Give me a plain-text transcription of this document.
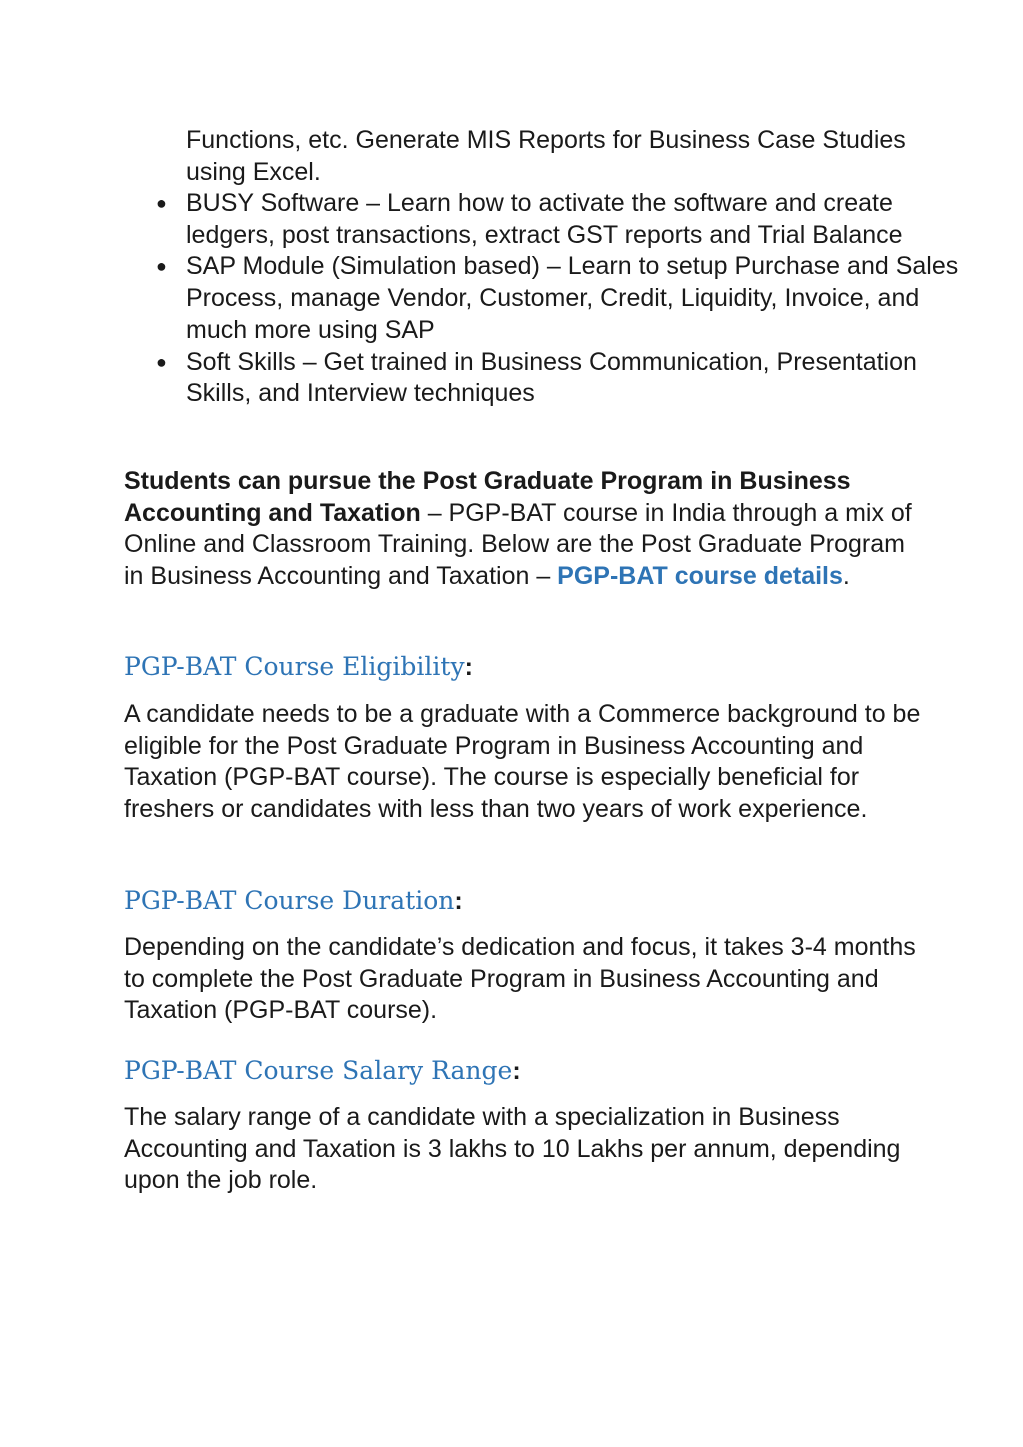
Functions, etc. Generate MIS Reports for Business Case Studies using Excel.

● BUSY Software – Learn how to activate the software and create ledgers, post transactions, extract GST reports and Trial Balance
● SAP Module (Simulation based) – Learn to setup Purchase and Sales Process, manage Vendor, Customer, Credit, Liquidity, Invoice, and much more using SAP
● Soft Skills – Get trained in Business Communication, Presentation Skills, and Interview techniques

Students can pursue the Post Graduate Program in Business Accounting and Taxation – PGP-BAT course in India through a mix of Online and Classroom Training. Below are the Post Graduate Program in Business Accounting and Taxation – PGP-BAT course details.

PGP-BAT Course Eligibility:

A candidate needs to be a graduate with a Commerce background to be eligible for the Post Graduate Program in Business Accounting and Taxation (PGP-BAT course). The course is especially beneficial for freshers or candidates with less than two years of work experience.

PGP-BAT Course Duration:

Depending on the candidate’s dedication and focus, it takes 3-4 months to complete the Post Graduate Program in Business Accounting and Taxation (PGP-BAT course).

PGP-BAT Course Salary Range:

The salary range of a candidate with a specialization in Business Accounting and Taxation is 3 lakhs to 10 Lakhs per annum, depending upon the job role.
